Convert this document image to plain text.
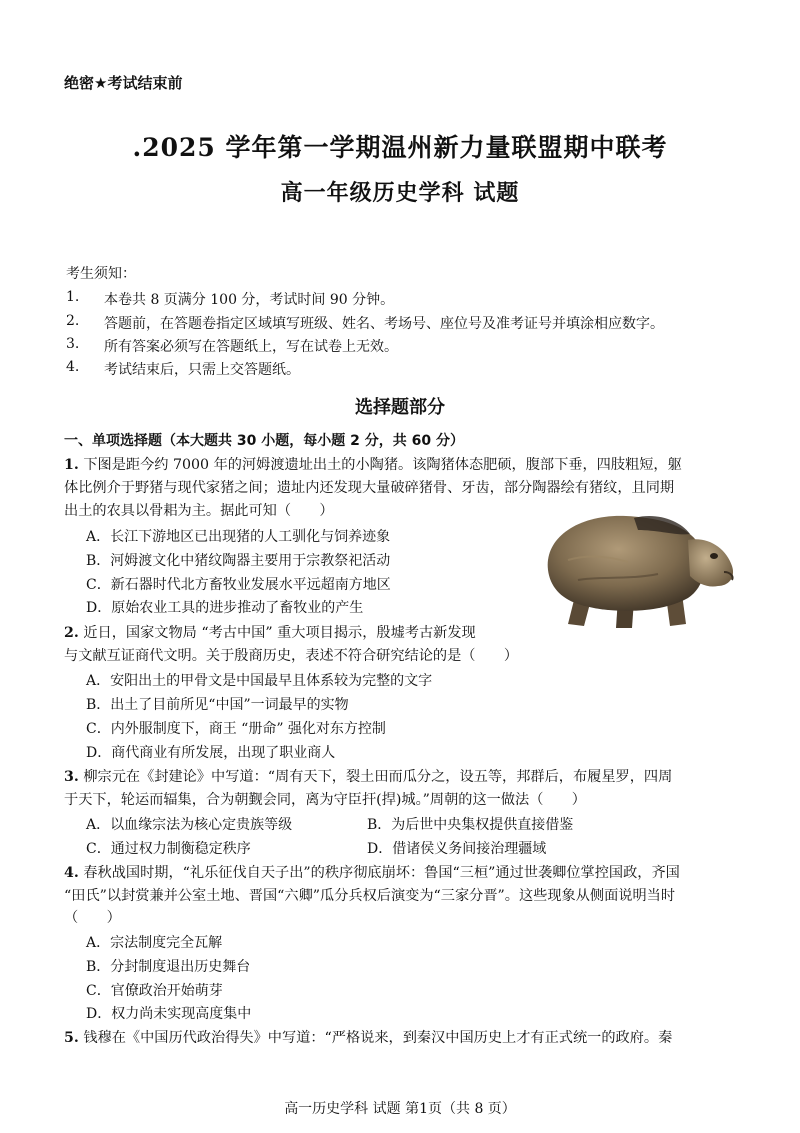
绝密★考试结束前
.2025 学年第一学期温州新力量联盟期中联考
高一年级历史学科 试题
考生须知：
1. 本卷共 8 页满分 100 分，考试时间 90 分钟。
2. 答题前，在答题卷指定区域填写班级、姓名、考场号、座位号及准考证号并填涂相应数字。
3. 所有答案必须写在答题纸上，写在试卷上无效。
4. 考试结束后，只需上交答题纸。
选择题部分
一、单项选择题（本大题共 30 小题，每小题 2 分，共 60 分）
1. 下图是距今约 7000 年的河姆渡遗址出土的小陶猪。该陶猪体态肥硕，腹部下垂，四肢粗短，躯
体比例介于野猪与现代家猪之间；遗址内还发现大量破碎猪骨、牙齿，部分陶器绘有猪纹，且同期
出土的农具以骨耜为主。据此可知（　　）
A．长江下游地区已出现猪的人工驯化与饲养迹象
B．河姆渡文化中猪纹陶器主要用于宗教祭祀活动
C．新石器时代北方畜牧业发展水平远超南方地区
D．原始农业工具的进步推动了畜牧业的产生
2. 近日，国家文物局 “考古中国” 重大项目揭示，殷墟考古新发现
与文献互证商代文明。关于殷商历史，表述不符合研究结论的是（　　）
A．安阳出土的甲骨文是中国最早且体系较为完整的文字
B．出土了目前所见“中国”一词最早的实物
C．内外服制度下，商王 “册命” 强化对东方控制
D．商代商业有所发展，出现了职业商人
3. 柳宗元在《封建论》中写道：“周有天下，裂土田而瓜分之，设五等，邦群后，布履星罗，四周
于天下，轮运而辐集，合为朝觐会同，离为守臣扞(捍)城。”周朝的这一做法（　　）
A．以血缘宗法为核心定贵族等级	B．为后世中央集权提供直接借鉴
C．通过权力制衡稳定秩序	D．借诸侯义务间接治理疆域
4. 春秋战国时期，“礼乐征伐自天子出”的秩序彻底崩坏：鲁国“三桓”通过世袭卿位掌控国政，齐国
“田氏”以封赏兼并公室土地、晋国“六卿”瓜分兵权后演变为“三家分晋”。这些现象从侧面说明当时
（　　）
A．宗法制度完全瓦解
B．分封制度退出历史舞台
C．官僚政治开始萌芽
D．权力尚未实现高度集中
5. 钱穆在《中国历代政治得失》中写道：“严格说来，到秦汉中国历史上才有正式统一的政府。秦
高一历史学科 试题 第1页（共 8 页）
